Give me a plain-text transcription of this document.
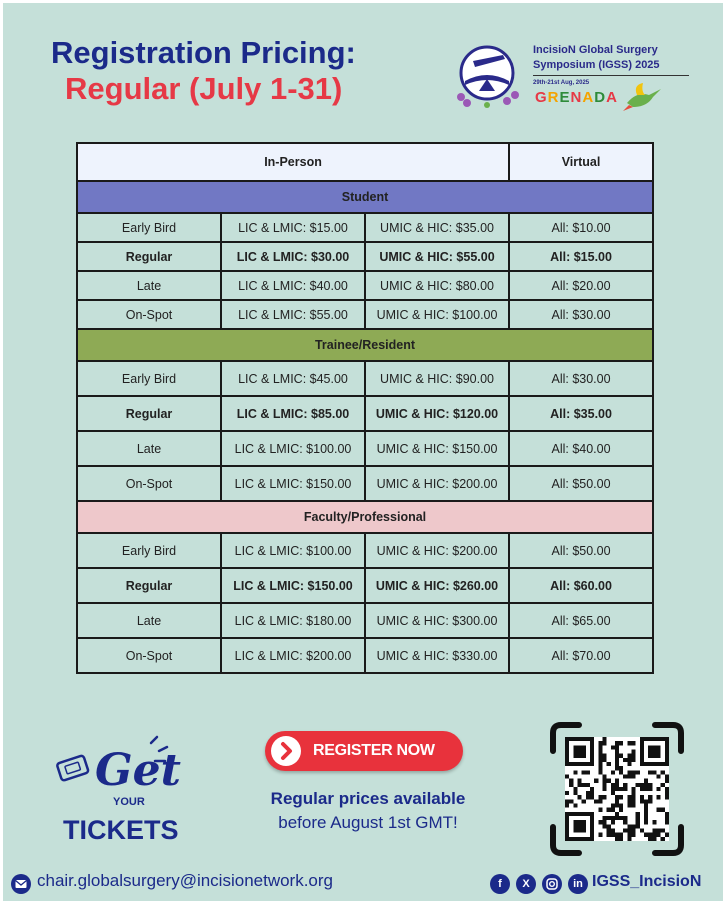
Registration Pricing:
Regular (July 1-31)
IncisioN Global Surgery
Symposium (IGSS) 2025
29th-21st Aug, 2025
GRENADA
In-Person			Virtual
Student			
Early Bird	LIC & LMIC: $15.00	UMIC & HIC: $35.00	All: $10.00
Regular	LIC & LMIC: $30.00	UMIC & HIC: $55.00	All: $15.00
Late	LIC & LMIC: $40.00	UMIC & HIC: $80.00	All: $20.00
On-Spot	LIC & LMIC: $55.00	UMIC & HIC: $100.00	All: $30.00
Trainee/Resident			
Early Bird	LIC & LMIC: $45.00	UMIC & HIC: $90.00	All: $30.00
Regular	LIC & LMIC: $85.00	UMIC & HIC: $120.00	All: $35.00
Late	LIC & LMIC: $100.00	UMIC & HIC: $150.00	All: $40.00
On-Spot	LIC & LMIC: $150.00	UMIC & HIC: $200.00	All: $50.00
Faculty/Professional			
Early Bird	LIC & LMIC: $100.00	UMIC & HIC: $200.00	All: $50.00
Regular	LIC & LMIC: $150.00	UMIC & HIC: $260.00	All: $60.00
Late	LIC & LMIC: $180.00	UMIC & HIC: $300.00	All: $65.00
On-Spot	LIC & LMIC: $200.00	UMIC & HIC: $330.00	All: $70.00
Get
YOUR
TICKETS
REGISTER NOW
Regular prices available
before August 1st GMT!
chair.globalsurgery@incisionetwork.org	f	X	in IGSS_IncisioN
